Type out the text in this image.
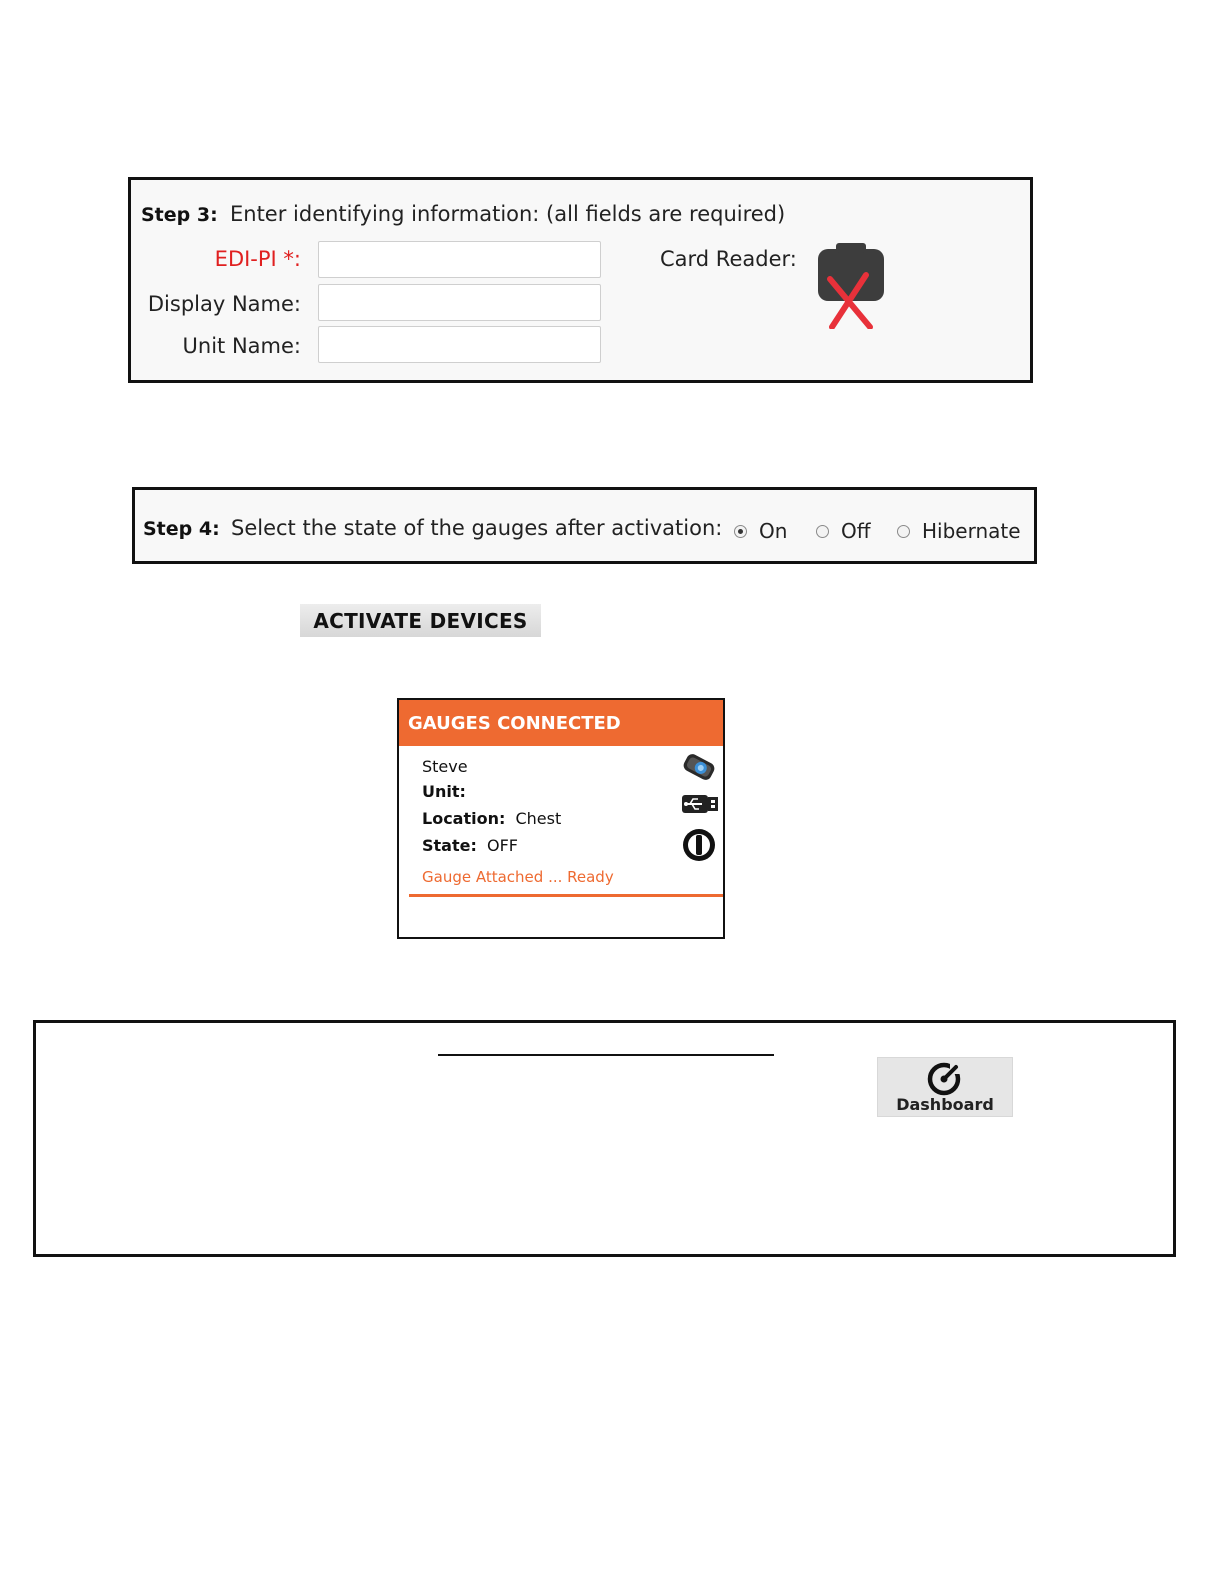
Step 3: Enter identifying information: (all fields are required)
EDI-PI *:
Display Name:
Unit Name:
Card Reader:
Step 4: Select the state of the gauges after activation: On	Off	Hibernate
ACTIVATE DEVICES
GAUGES CONNECTED
Steve
Unit:
Location: Chest
State: OFF
Gauge Attached ... Ready
Dashboard
